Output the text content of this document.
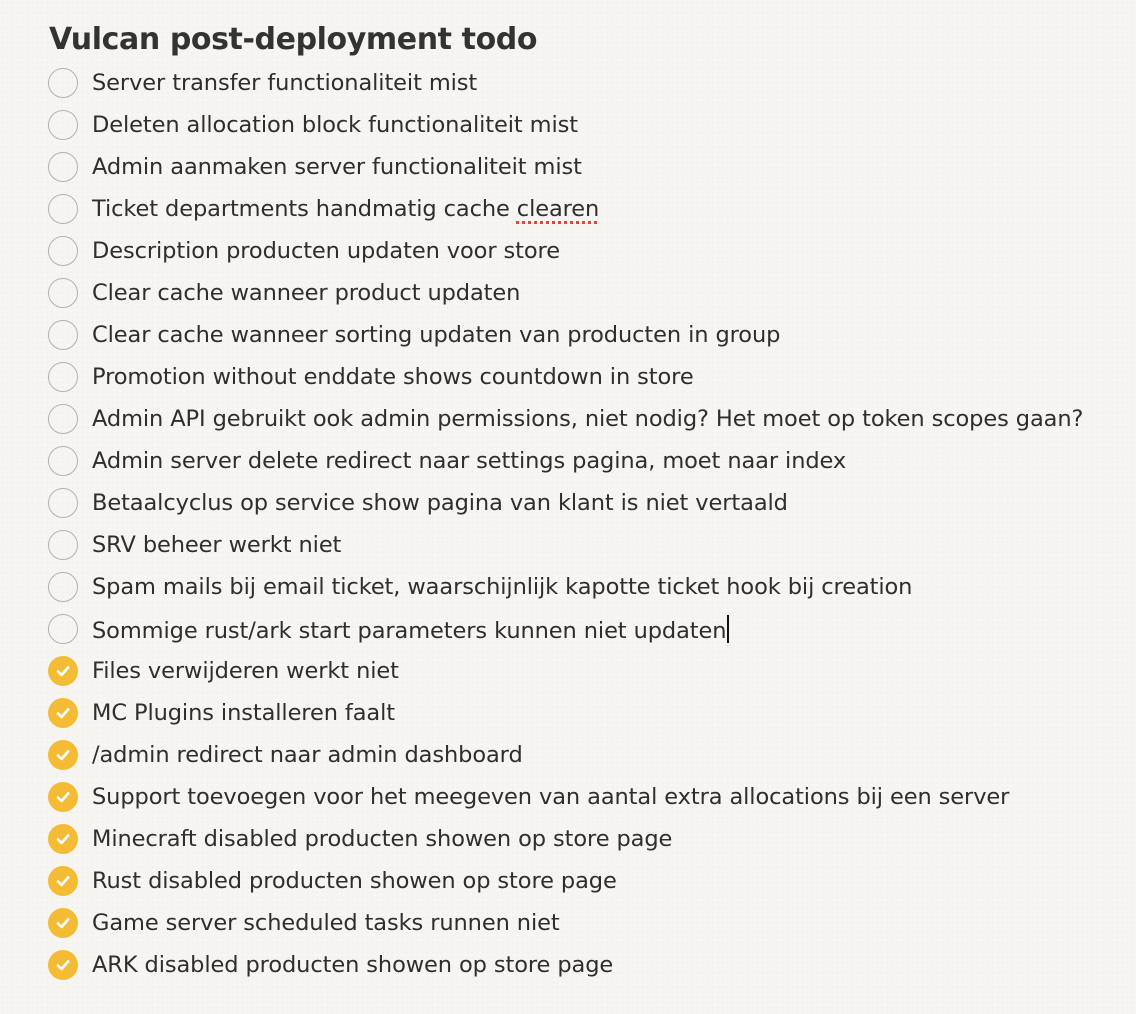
Vulcan post-deployment todo
Server transfer functionaliteit mist
Deleten allocation block functionaliteit mist
Admin aanmaken server functionaliteit mist
Ticket departments handmatig cache clearen
Description producten updaten voor store
Clear cache wanneer product updaten
Clear cache wanneer sorting updaten van producten in group
Promotion without enddate shows countdown in store
Admin API gebruikt ook admin permissions, niet nodig? Het moet op token scopes gaan?
Admin server delete redirect naar settings pagina, moet naar index
Betaalcyclus op service show pagina van klant is niet vertaald
SRV beheer werkt niet
Spam mails bij email ticket, waarschijnlijk kapotte ticket hook bij creation
Sommige rust/ark start parameters kunnen niet updaten
Files verwijderen werkt niet
MC Plugins installeren faalt
/admin redirect naar admin dashboard
Support toevoegen voor het meegeven van aantal extra allocations bij een server
Minecraft disabled producten showen op store page
Rust disabled producten showen op store page
Game server scheduled tasks runnen niet
ARK disabled producten showen op store page
